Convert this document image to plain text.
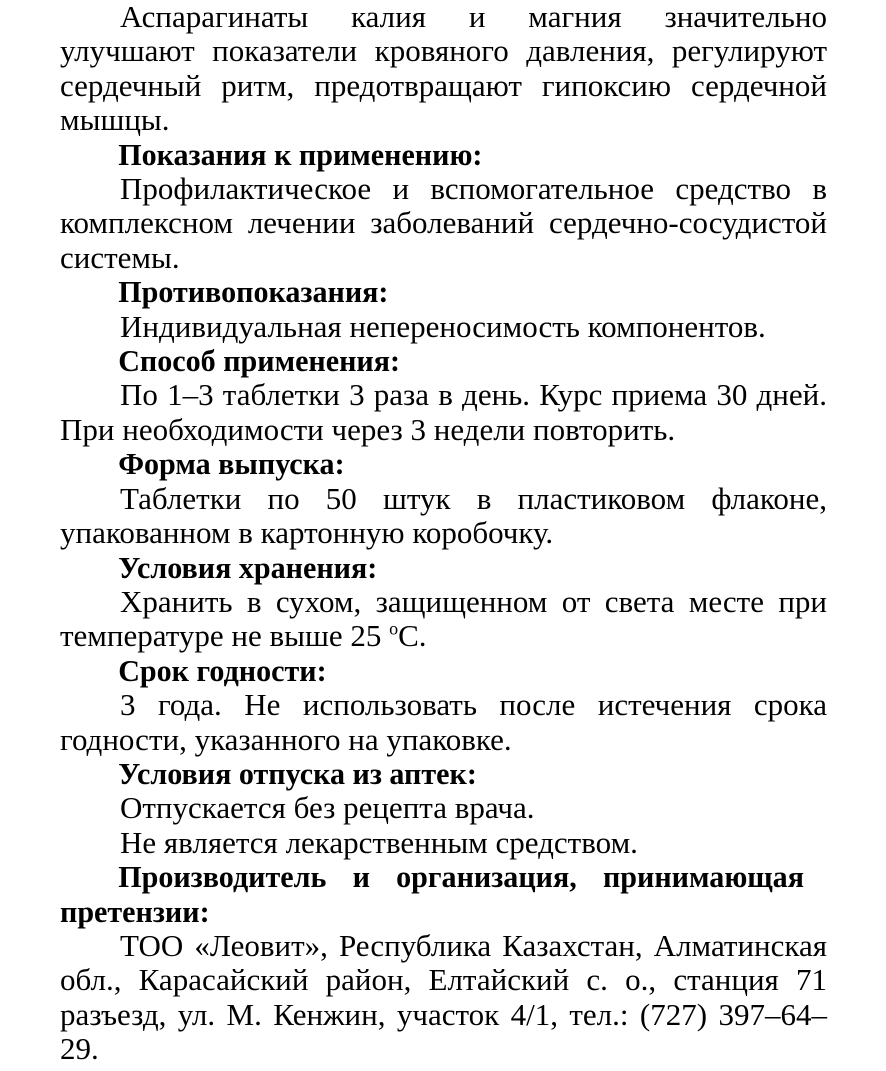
Аспарагинаты калия и магния значительно улучшают показатели кровяного давления, регулируют сердечный ритм, предотвращают гипоксию сердечной мышцы.

Показания к применению:

Профилактическое и вспомогательное средство в комплексном лечении заболеваний сердечно-сосудистой системы.

Противопоказания:

Индивидуальная непереносимость компонентов.

Способ применения:

По 1–3 таблетки 3 раза в день. Курс приема 30 дней. При необходимости через 3 недели повторить.

Форма выпуска:

Таблетки по 50 штук в пластиковом флаконе, упакованном в картонную коробочку.

Условия хранения:

Хранить в сухом, защищенном от света месте при температуре не выше 25 $^o$С.

Срок годности:

3 года. Не использовать после истечения срока годности, указанного на упаковке.

Условия отпуска из аптек:

Отпускается без рецепта врача.

Не является лекарственным средством.

Производитель и организация, принимающая претензии:

ТОО «Леовит», Республика Казахстан, Алматинская обл., Карасайский район, Елтайский с. о., станция 71 разъезд, ул. М. Кенжин, участок 4/1, тел.: (727) 397–64–29.
